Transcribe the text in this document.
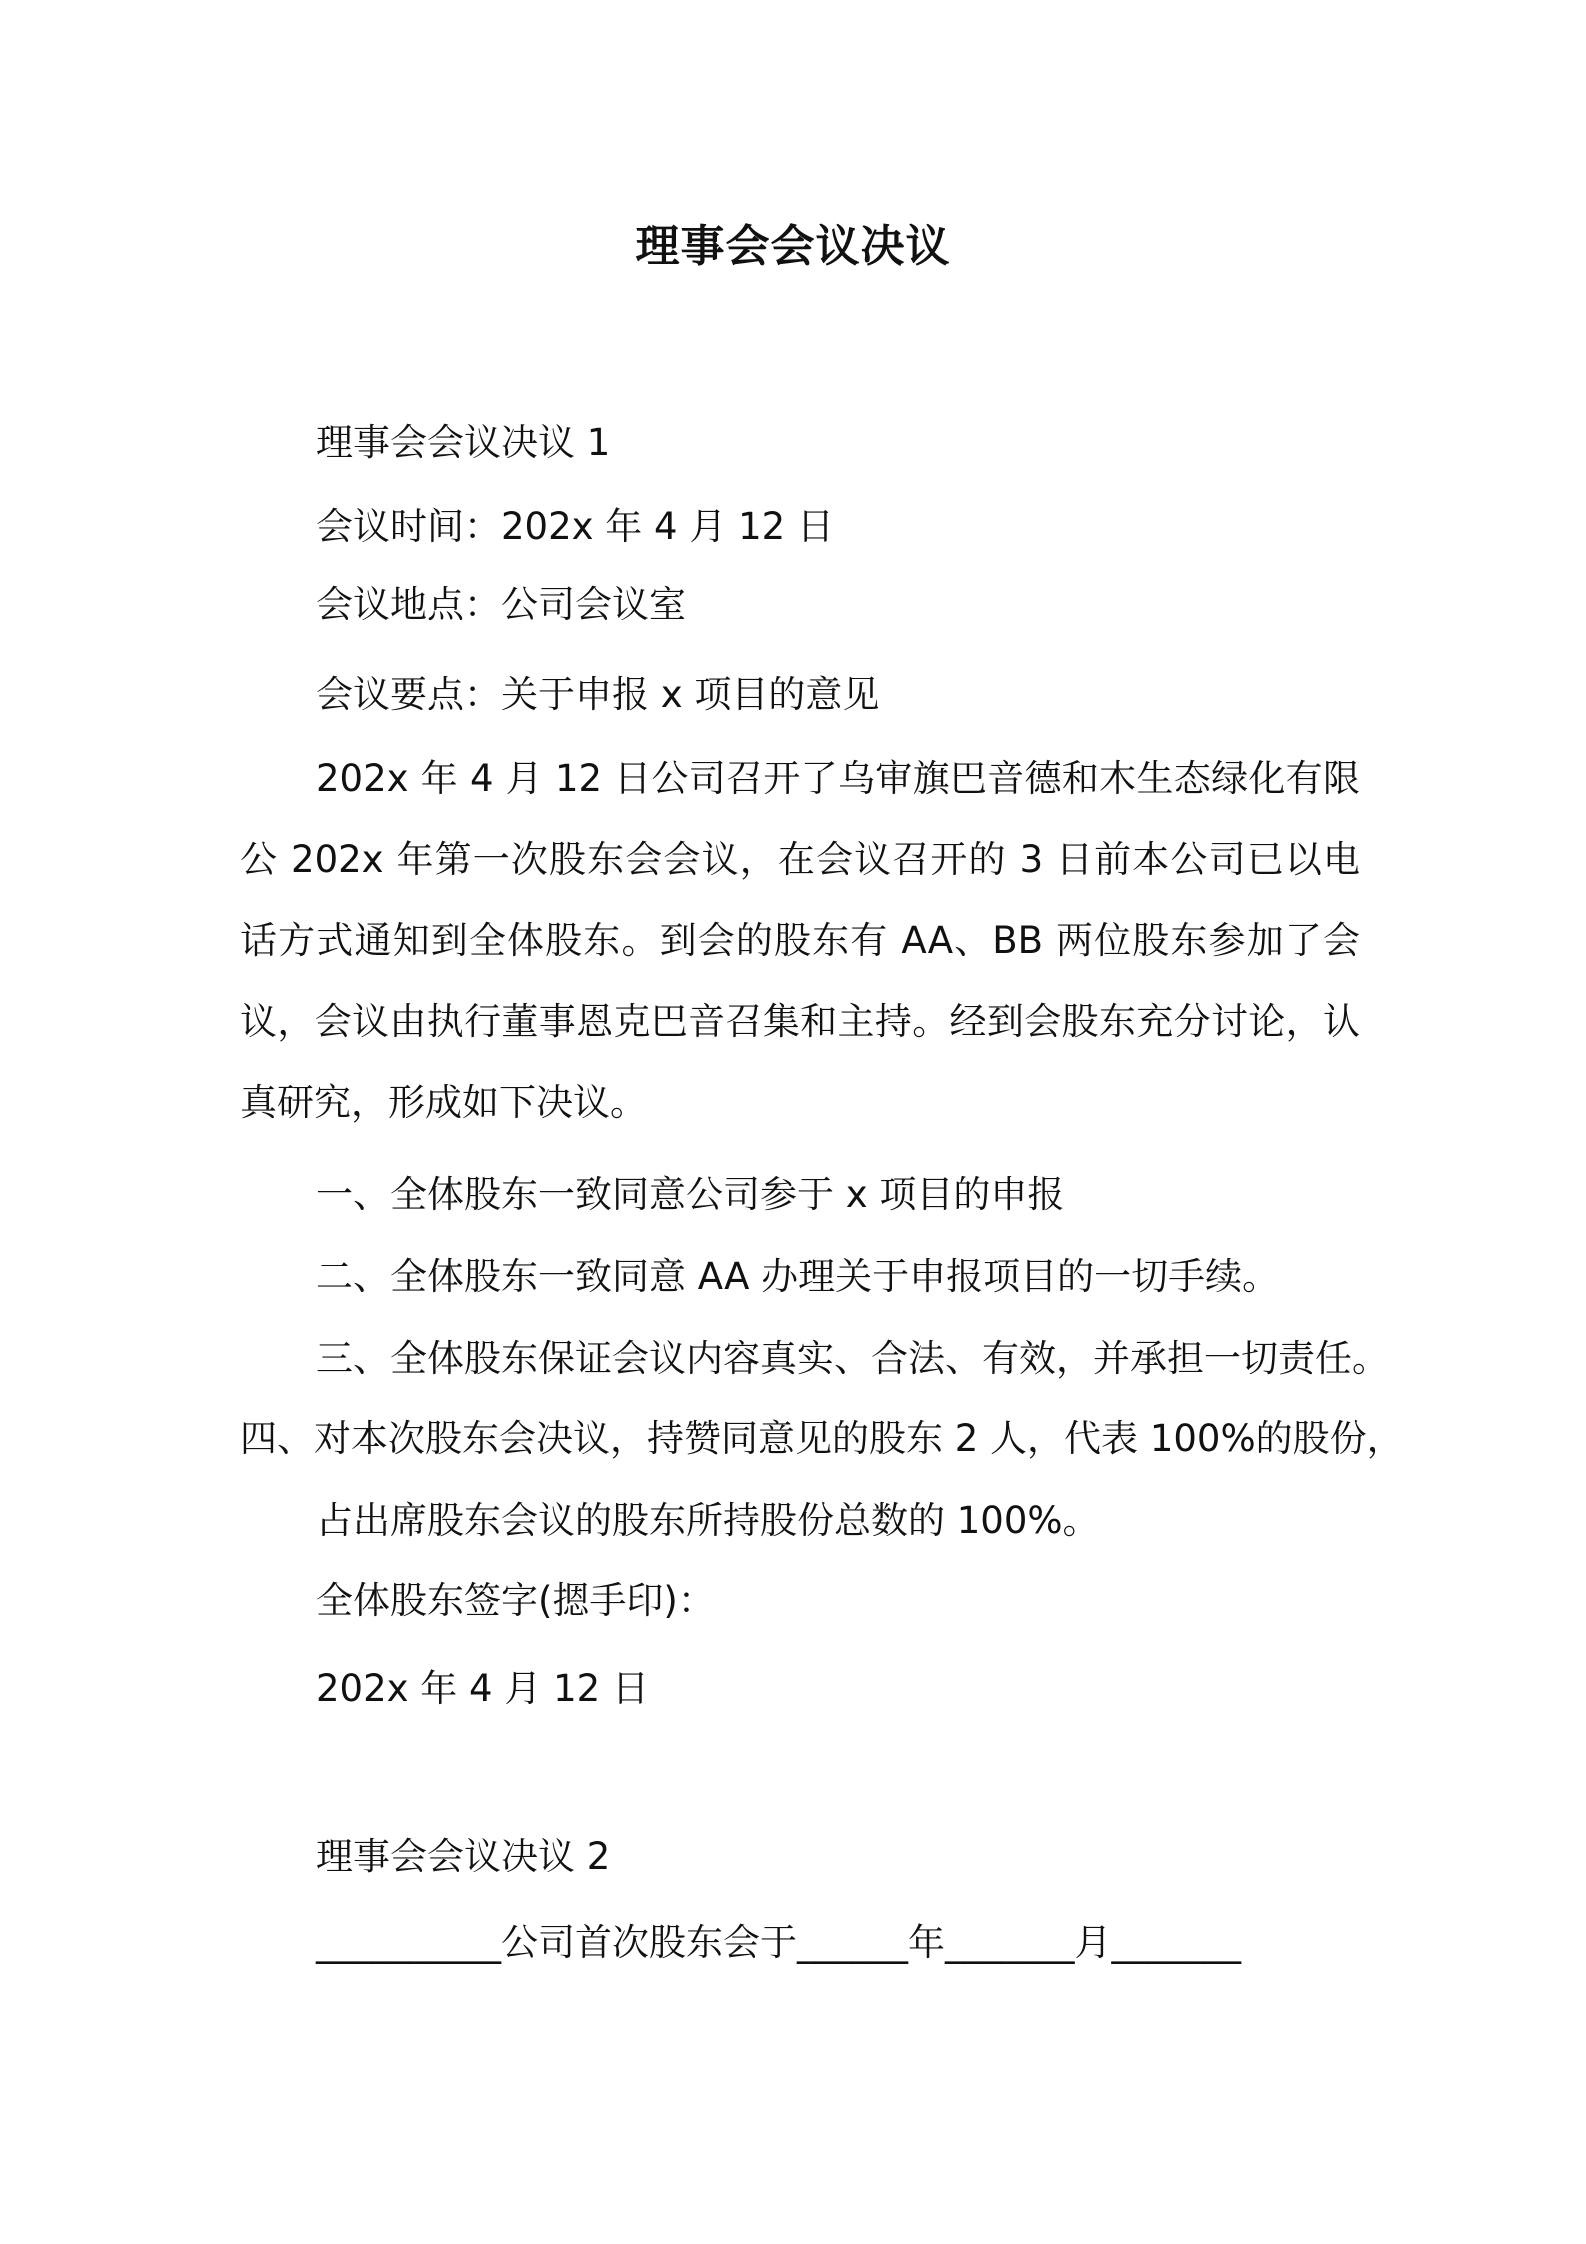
理事会会议决议
理事会会议决议 1
会议时间：202x 年 4 月 12 日
会议地点：公司会议室
会议要点：关于申报 x 项目的意见
202x 年 4 月 12 日公司召开了乌审旗巴音德和木生态绿化有限公 202x 年第一次股东会会议，在会议召开的 3 日前本公司已以电话方式通知到全体股东。到会的股东有 AA、BB 两位股东参加了会议，会议由执行董事恩克巴音召集和主持。经到会股东充分讨论，认真研究，形成如下决议。
一、全体股东一致同意公司参于 x 项目的申报
二、全体股东一致同意 AA 办理关于申报项目的一切手续。
三、全体股东保证会议内容真实、合法、有效，并承担一切责任。
四、对本次股东会决议，持赞同意见的股东 2 人，代表 100%的股份，
占出席股东会议的股东所持股份总数的 100%。
全体股东签字(摁手印)：
202x 年 4 月 12 日
理事会会议决议 2
__________公司首次股东会于______年_______月_______
